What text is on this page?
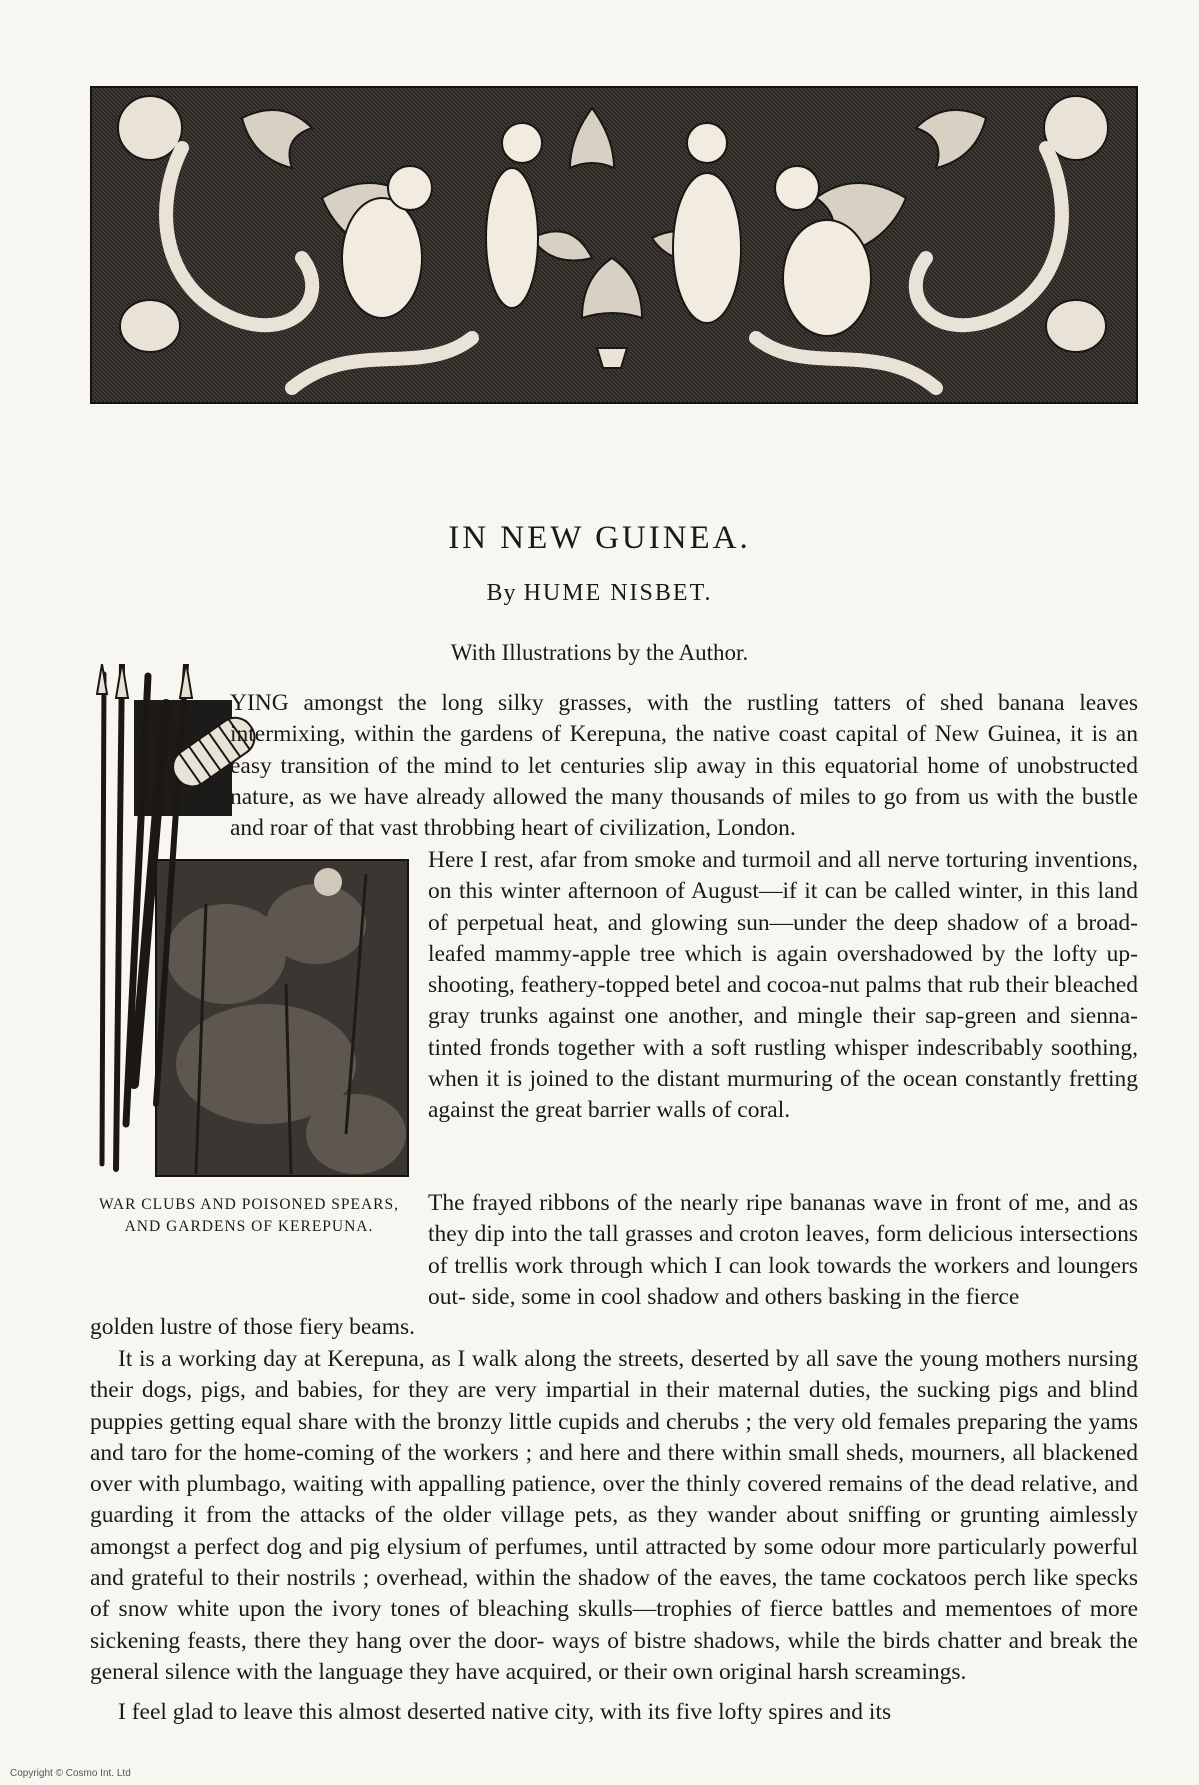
IN NEW GUINEA.
By HUME NISBET.
With Illustrations by the Author.
WAR CLUBS AND POISONED SPEARS, AND GARDENS OF KEREPUNA.

YING amongst the long silky grasses, with the rustling tatters of shed banana leaves intermixing, within the gardens of Kerepuna, the native coast capital of New Guinea, it is an easy transition of the mind to let centuries slip away in this equatorial home of unobstructed nature, as we have already allowed the many thousands of miles to go from us with the bustle and roar of that vast throbbing heart of civilization, London.

Here I rest, afar from smoke and turmoil and all nerve torturing inventions, on this winter afternoon of August—if it can be called winter, in this land of perpetual heat, and glowing sun—under the deep shadow of a broad-leafed mammy-apple tree which is again overshadowed by the lofty up-shooting, feathery-topped betel and cocoa-nut palms that rub their bleached gray trunks against one another, and mingle their sap-green and sienna-tinted fronds together with a soft rustling whisper indescribably soothing, when it is joined to the distant murmuring of the ocean constantly fretting against the great barrier walls of coral.

The frayed ribbons of the nearly ripe bananas wave in front of me, and as they dip into the tall grasses and croton leaves, form delicious intersections of trellis work through which I can look towards the workers and loungers out- side, some in cool shadow and others basking in the fierce

golden lustre of those fiery beams.

It is a working day at Kerepuna, as I walk along the streets, deserted by all save the young mothers nursing their dogs, pigs, and babies, for they are very impartial in their maternal duties, the sucking pigs and blind puppies getting equal share with the bronzy little cupids and cherubs ; the very old females preparing the yams and taro for the home-coming of the workers ; and here and there within small sheds, mourners, all blackened over with plumbago, waiting with appalling patience, over the thinly covered remains of the dead relative, and guarding it from the attacks of the older village pets, as they wander about sniffing or grunting aimlessly amongst a perfect dog and pig elysium of perfumes, until attracted by some odour more particularly powerful and grateful to their nostrils ; overhead, within the shadow of the eaves, the tame cockatoos perch like specks of snow white upon the ivory tones of bleaching skulls—trophies of fierce battles and mementoes of more sickening feasts, there they hang over the door- ways of bistre shadows, while the birds chatter and break the general silence with the language they have acquired, or their own original harsh screamings.

I feel glad to leave this almost deserted native city, with its five lofty spires and its

Copyright © Cosmo Int. Ltd
